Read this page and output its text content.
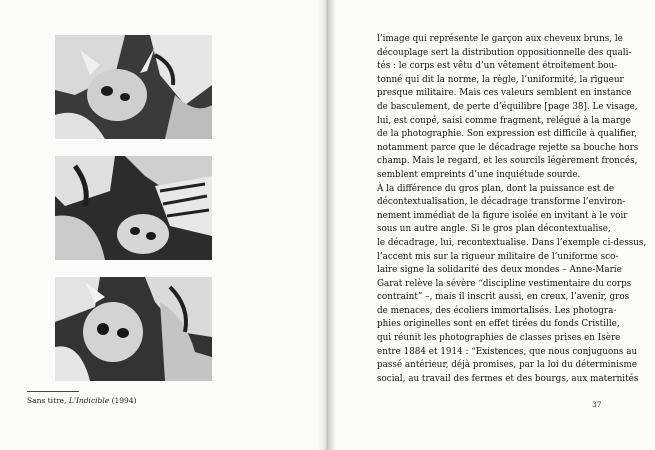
Sans titre, L'Indicible (1994)
l’image qui représente le garçon aux cheveux bruns, le
découplage sert la distribution oppositionnelle des quali-
tés : le corps est vêtu d’un vêtement étroitement bou-
tonné qui dit la norme, la règle, l’uniformité, la rigueur
presque militaire. Mais ces valeurs semblent en instance
de basculement, de perte d’équilibre [page 38]. Le visage,
lui, est coupé, saisi comme fragment, relégué à la marge
de la photographie. Son expression est difficile à qualifier,
notamment parce que le décadrage rejette sa bouche hors
champ. Mais le regard, et les sourcils légèrement froncés,
semblent empreints d’une inquiétude sourde.
À la différence du gros plan, dont la puissance est de
décontextualisation, le décadrage transforme l’environ-
nement immédiat de la figure isolée en invitant à le voir
sous un autre angle. Si le gros plan décontextualise,
le décadrage, lui, recontextualise. Dans l’exemple ci-dessus,
l’accent mis sur la rigueur militaire de l’uniforme sco-
laire signe la solidarité des deux mondes – Anne-Marie
Garat relève la sévère “discipline vestimentaire du corps
contraint” –, mais il inscrit aussi, en creux, l’avenir, gros
de menaces, des écoliers immortalisés. Les photogra-
phies originelles sont en effet tirées du fonds Cristille,
qui réunit les photographies de classes prises en Isère
entre 1884 et 1914 : “Existences, que nous conjuguons au
passé antérieur, déjà promises, par la loi du déterminisme
social, au travail des fermes et des bourgs, aux maternités
37
